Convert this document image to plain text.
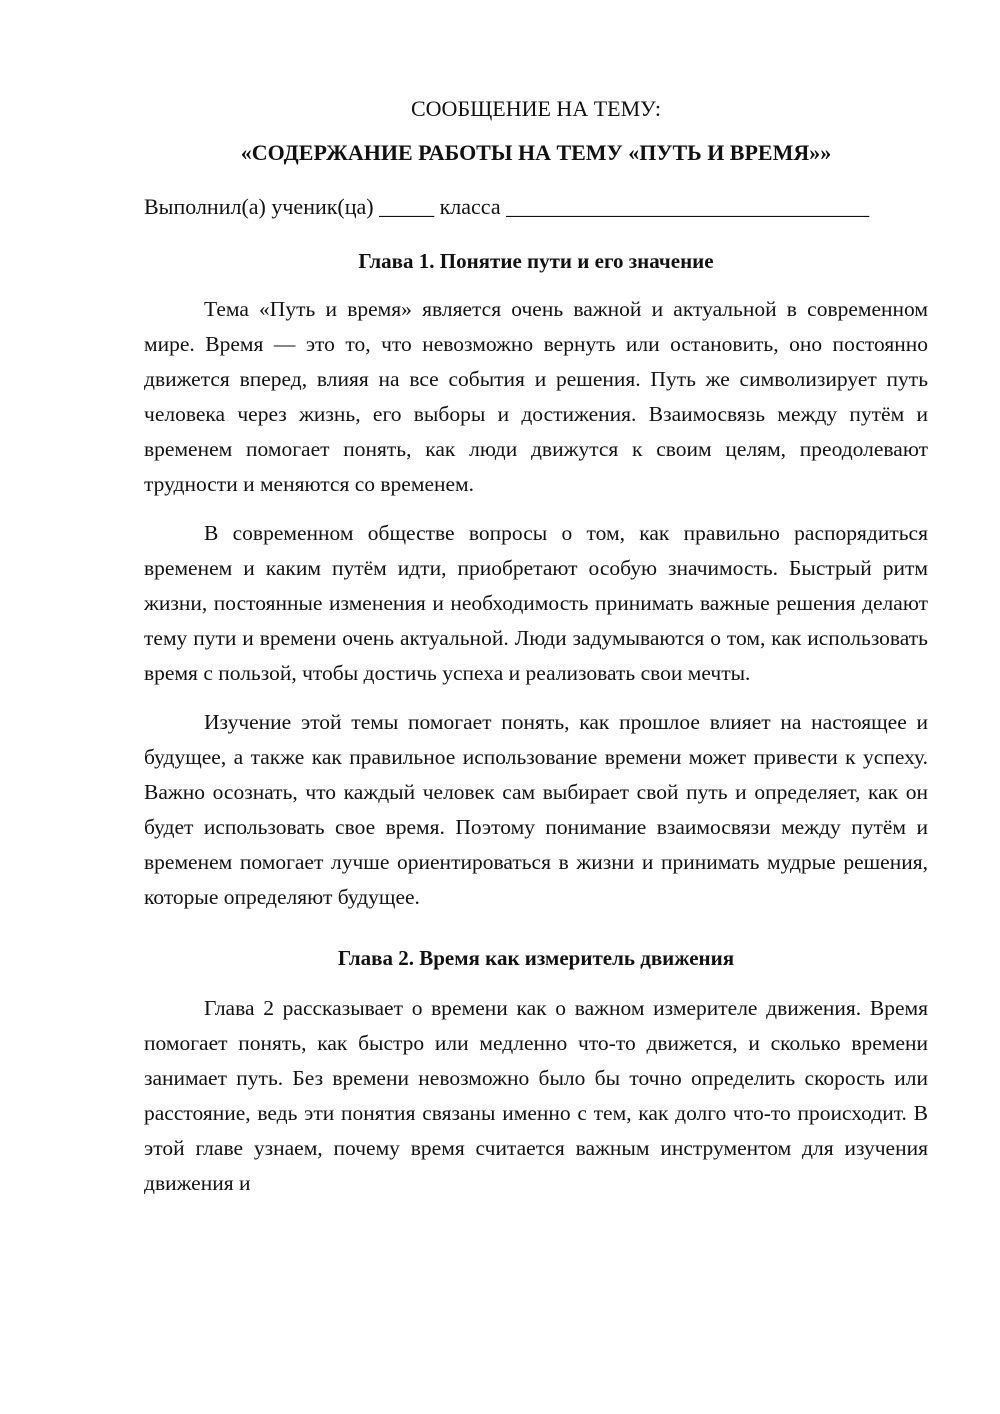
СООБЩЕНИЕ НА ТЕМУ:
«СОДЕРЖАНИЕ РАБОТЫ НА ТЕМУ «ПУТЬ И ВРЕМЯ»»
Выполнил(а) ученик(ца) _____ класса _________________________________
Глава 1. Понятие пути и его значение

Тема «Путь и время» является очень важной и актуальной в современном мире. Время — это то, что невозможно вернуть или остановить, оно постоянно движется вперед, влияя на все события и решения. Путь же символизирует путь человека через жизнь, его выборы и достижения. Взаимосвязь между путём и временем помогает понять, как люди движутся к своим целям, преодолевают трудности и меняются со временем.

В современном обществе вопросы о том, как правильно распорядиться временем и каким путём идти, приобретают особую значимость. Быстрый ритм жизни, постоянные изменения и необходимость принимать важные решения делают тему пути и времени очень актуальной. Люди задумываются о том, как использовать время с пользой, чтобы достичь успеха и реализовать свои мечты.

Изучение этой темы помогает понять, как прошлое влияет на настоящее и будущее, а также как правильное использование времени может привести к успеху. Важно осознать, что каждый человек сам выбирает свой путь и определяет, как он будет использовать свое время. Поэтому понимание взаимосвязи между путём и временем помогает лучше ориентироваться в жизни и принимать мудрые решения, которые определяют будущее.

Глава 2. Время как измеритель движения

Глава 2 рассказывает о времени как о важном измерителе движения. Время помогает понять, как быстро или медленно что-то движется, и сколько времени занимает путь. Без времени невозможно было бы точно определить скорость или расстояние, ведь эти понятия связаны именно с тем, как долго что-то происходит. В этой главе узнаем, почему время считается важным инструментом для изучения движения и
